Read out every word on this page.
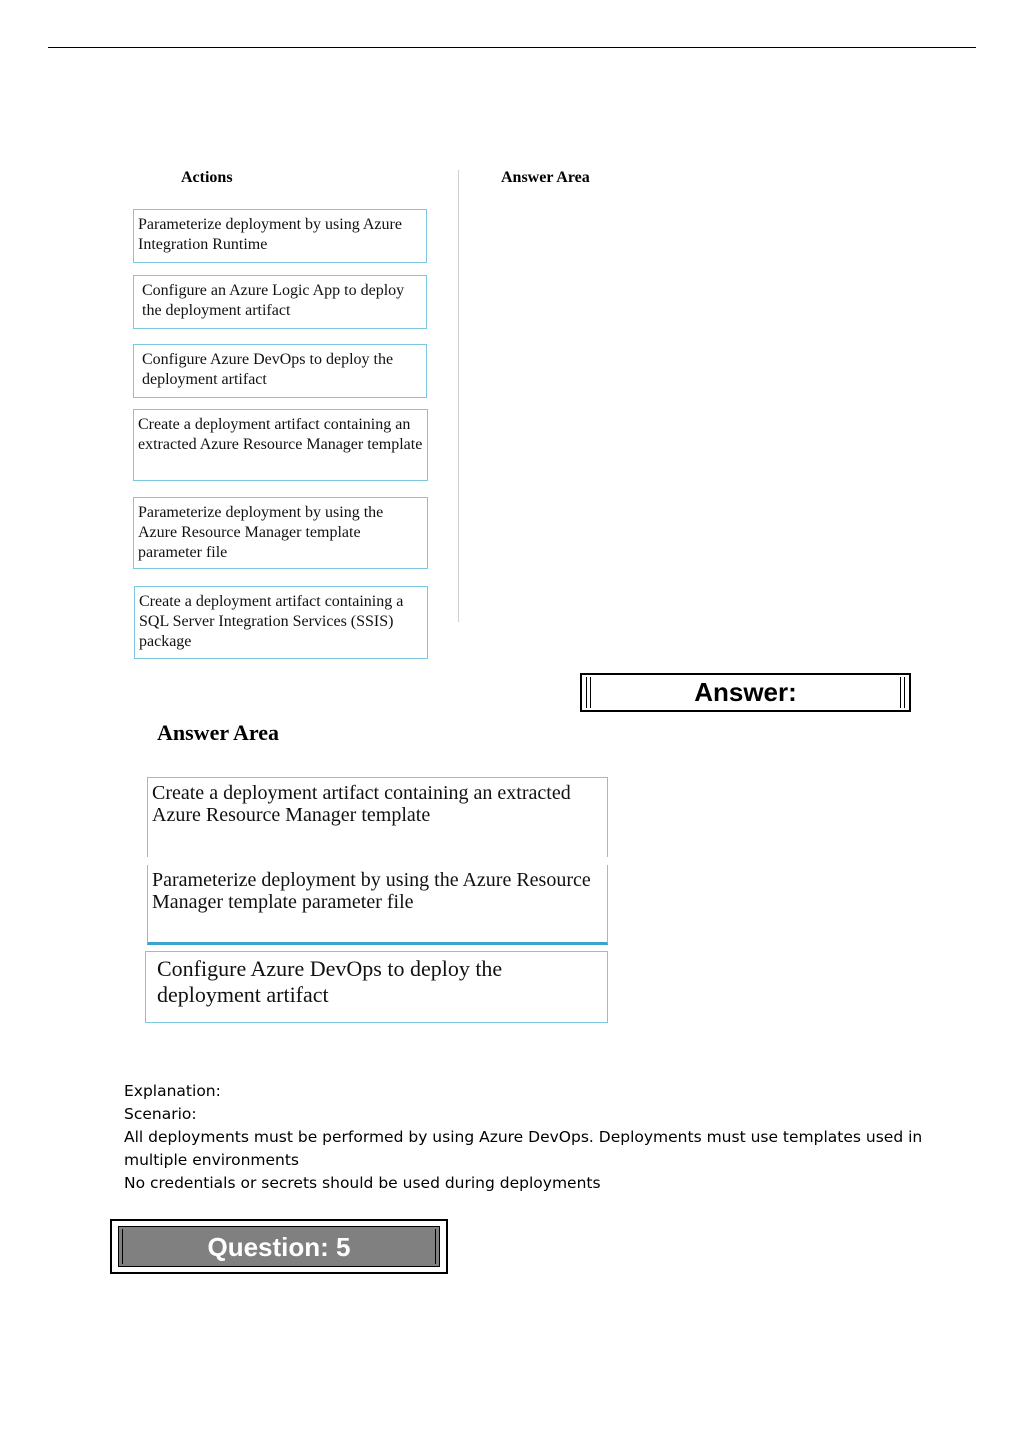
Actions	Answer Area
Parameterize deployment by using Azure Integration Runtime
Configure an Azure Logic App to deploy the deployment artifact
Configure Azure DevOps to deploy the deployment artifact
Create a deployment artifact containing an extracted Azure Resource Manager template
Parameterize deployment by using the Azure Resource Manager template parameter file
Create a deployment artifact containing a SQL Server Integration Services (SSIS) package
Answer:
Answer Area
Create a deployment artifact containing an extracted Azure Resource Manager template
Parameterize deployment by using the Azure Resource Manager template parameter file
Configure Azure DevOps to deploy the deployment artifact
Explanation:
Scenario:
All deployments must be performed by using Azure DevOps. Deployments must use templates used in multiple environments
No credentials or secrets should be used during deployments
Question: 5
